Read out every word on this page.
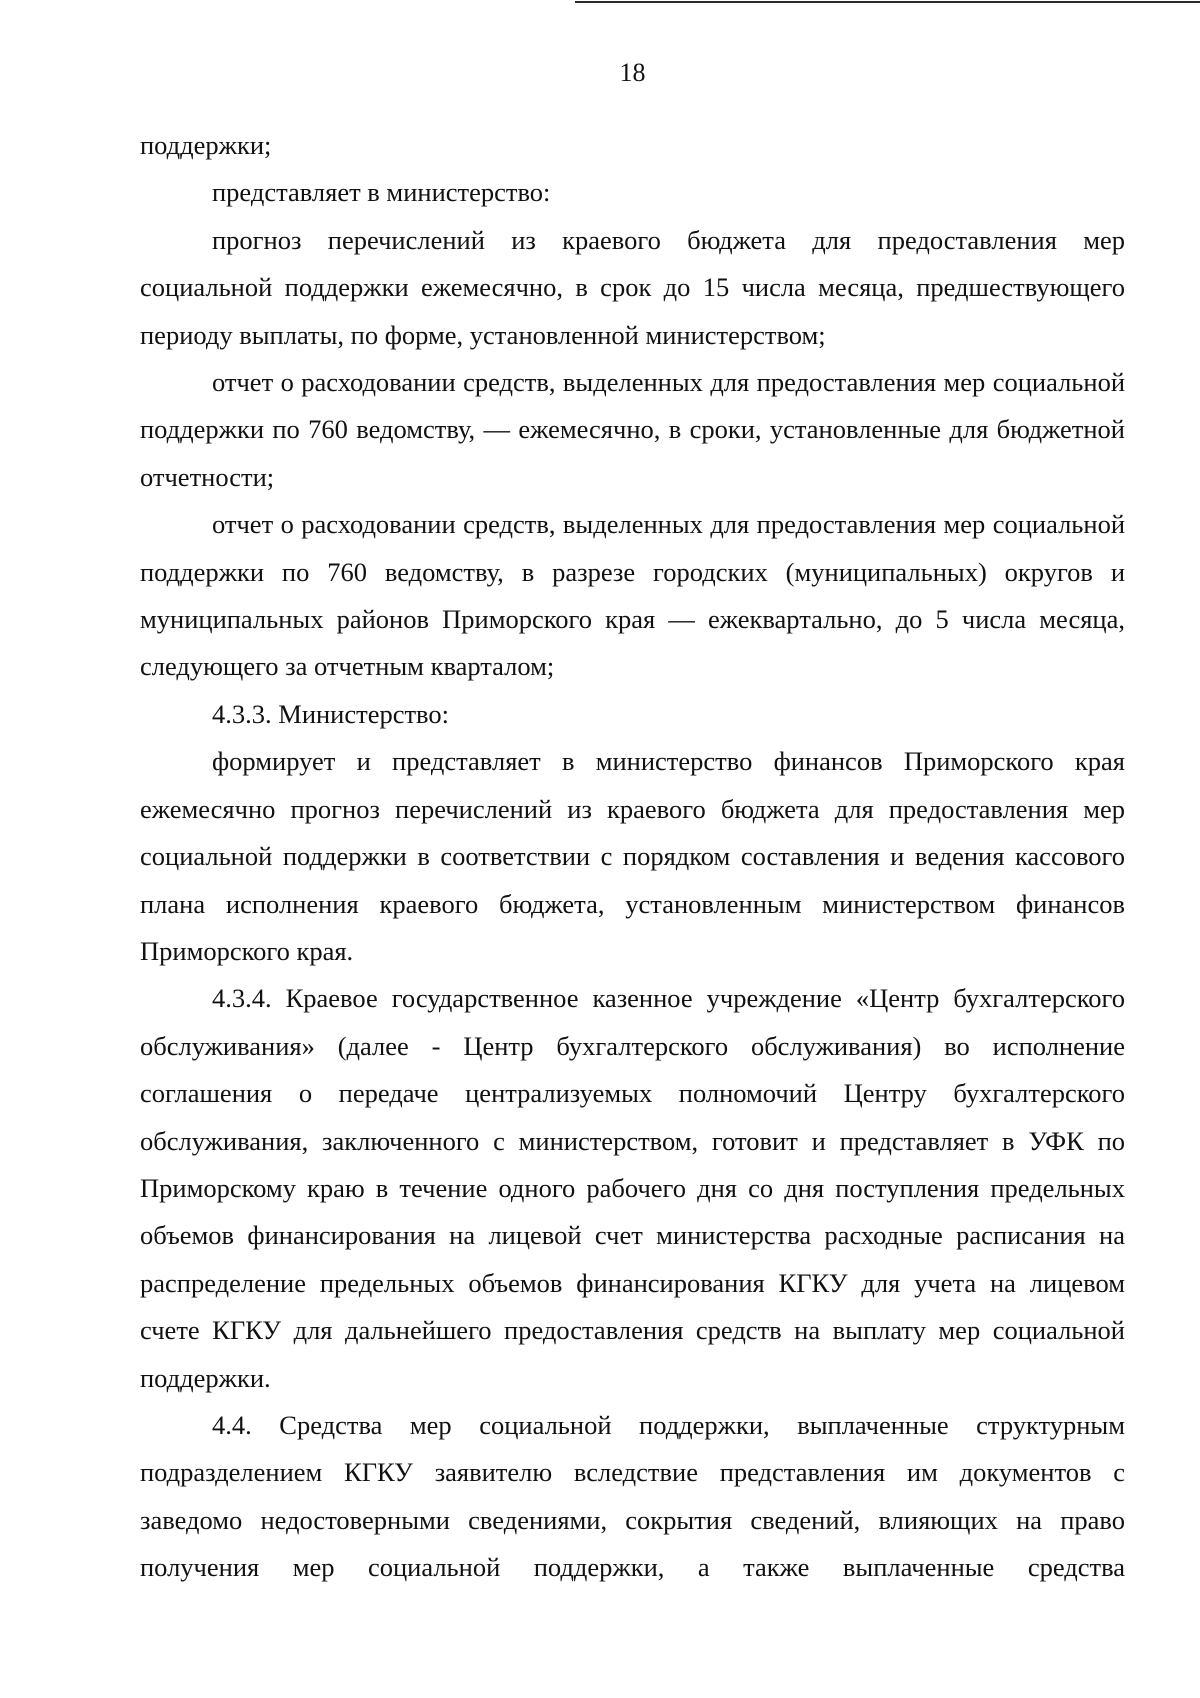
18

поддержки;

представляет в министерство:

прогноз перечислений из краевого бюджета для предоставления мер социальной поддержки ежемесячно, в срок до 15 числа месяца, предшествующего периоду выплаты, по форме, установленной министерством;

отчет о расходовании средств, выделенных для предоставления мер социальной поддержки по 760 ведомству, — ежемесячно, в сроки, установленные для бюджетной отчетности;

отчет о расходовании средств, выделенных для предоставления мер социальной поддержки по 760 ведомству, в разрезе городских (муниципальных) округов и муниципальных районов Приморского края — ежеквартально, до 5 числа месяца, следующего за отчетным кварталом;

4.3.3. Министерство:

формирует и представляет в министерство финансов Приморского края ежемесячно прогноз перечислений из краевого бюджета для предоставления мер социальной поддержки в соответствии с порядком составления и ведения кассового плана исполнения краевого бюджета, установленным министерством финансов Приморского края.

4.3.4. Краевое государственное казенное учреждение «Центр бухгалтерского обслуживания» (далее - Центр бухгалтерского обслуживания) во исполнение соглашения о передаче централизуемых полномочий Центру бухгалтерского обслуживания, заключенного с министерством, готовит и представляет в УФК по Приморскому краю в течение одного рабочего дня со дня поступления предельных объемов финансирования на лицевой счет министерства расходные расписания на распределение предельных объемов финансирования КГКУ для учета на лицевом счете КГКУ для дальнейшего предоставления средств на выплату мер социальной поддержки.

4.4. Средства мер социальной поддержки, выплаченные структурным подразделением КГКУ заявителю вследствие представления им документов с заведомо недостоверными сведениями, сокрытия сведений, влияющих на право получения мер социальной поддержки, а также выплаченные средства
